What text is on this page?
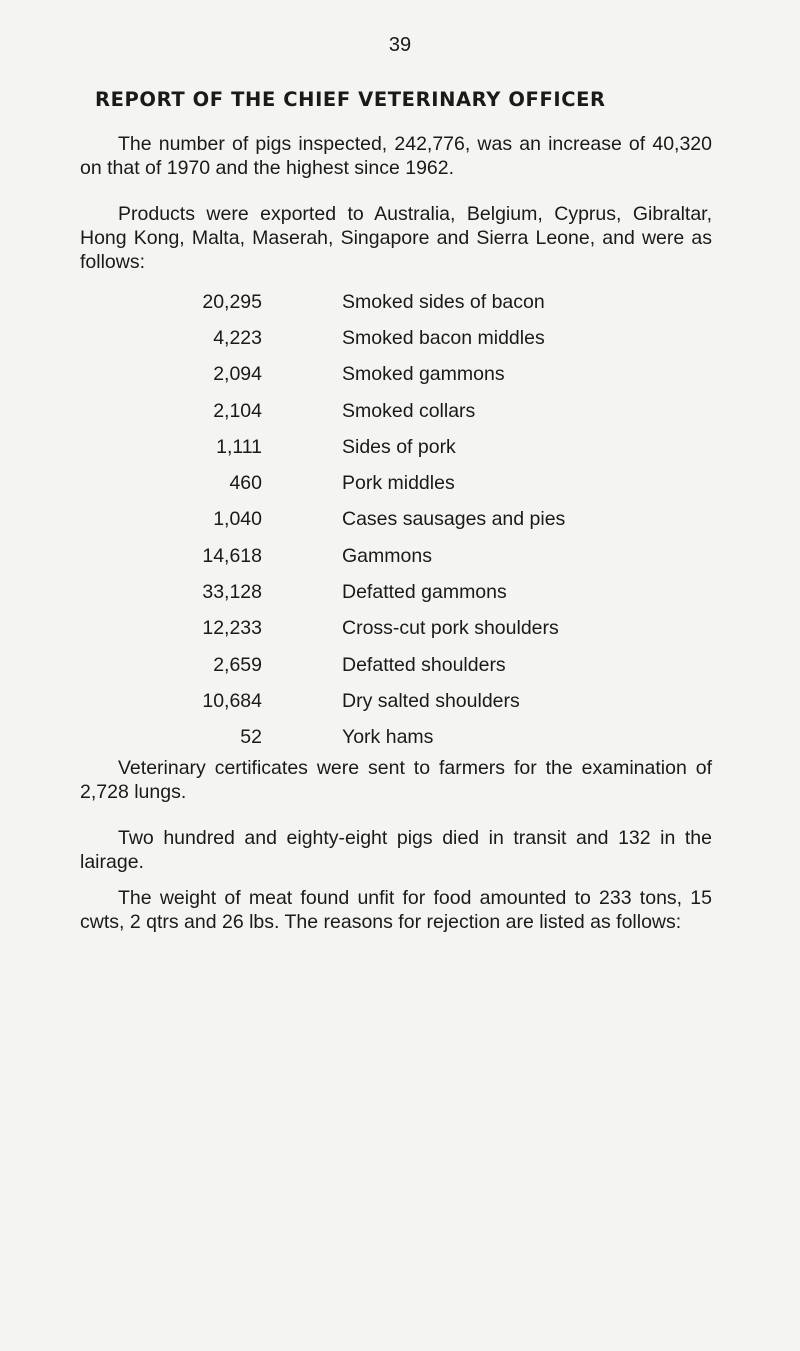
39
REPORT OF THE CHIEF VETERINARY OFFICER

The number of pigs inspected, 242,776, was an increase of 40,320 on that of 1970 and the highest since 1962.

Products were exported to Australia, Belgium, Cyprus, Gibraltar, Hong Kong, Malta, Maserah, Singapore and Sierra Leone, and were as follows:

20,295		Smoked sides of bacon
4,223		Smoked bacon middles
2,094		Smoked gammons
2,104		Smoked collars
1,111		Sides of pork
460		Pork middles
1,040		Cases sausages and pies
14,618		Gammons
33,128		Defatted gammons
12,233		Cross-cut pork shoulders
2,659		Defatted shoulders
10,684		Dry salted shoulders
52		York hams

Veterinary certificates were sent to farmers for the examination of 2,728 lungs.

Two hundred and eighty-eight pigs died in transit and 132 in the lairage.

The weight of meat found unfit for food amounted to 233 tons, 15 cwts, 2 qtrs and 26 lbs. The reasons for rejection are listed as follows:
